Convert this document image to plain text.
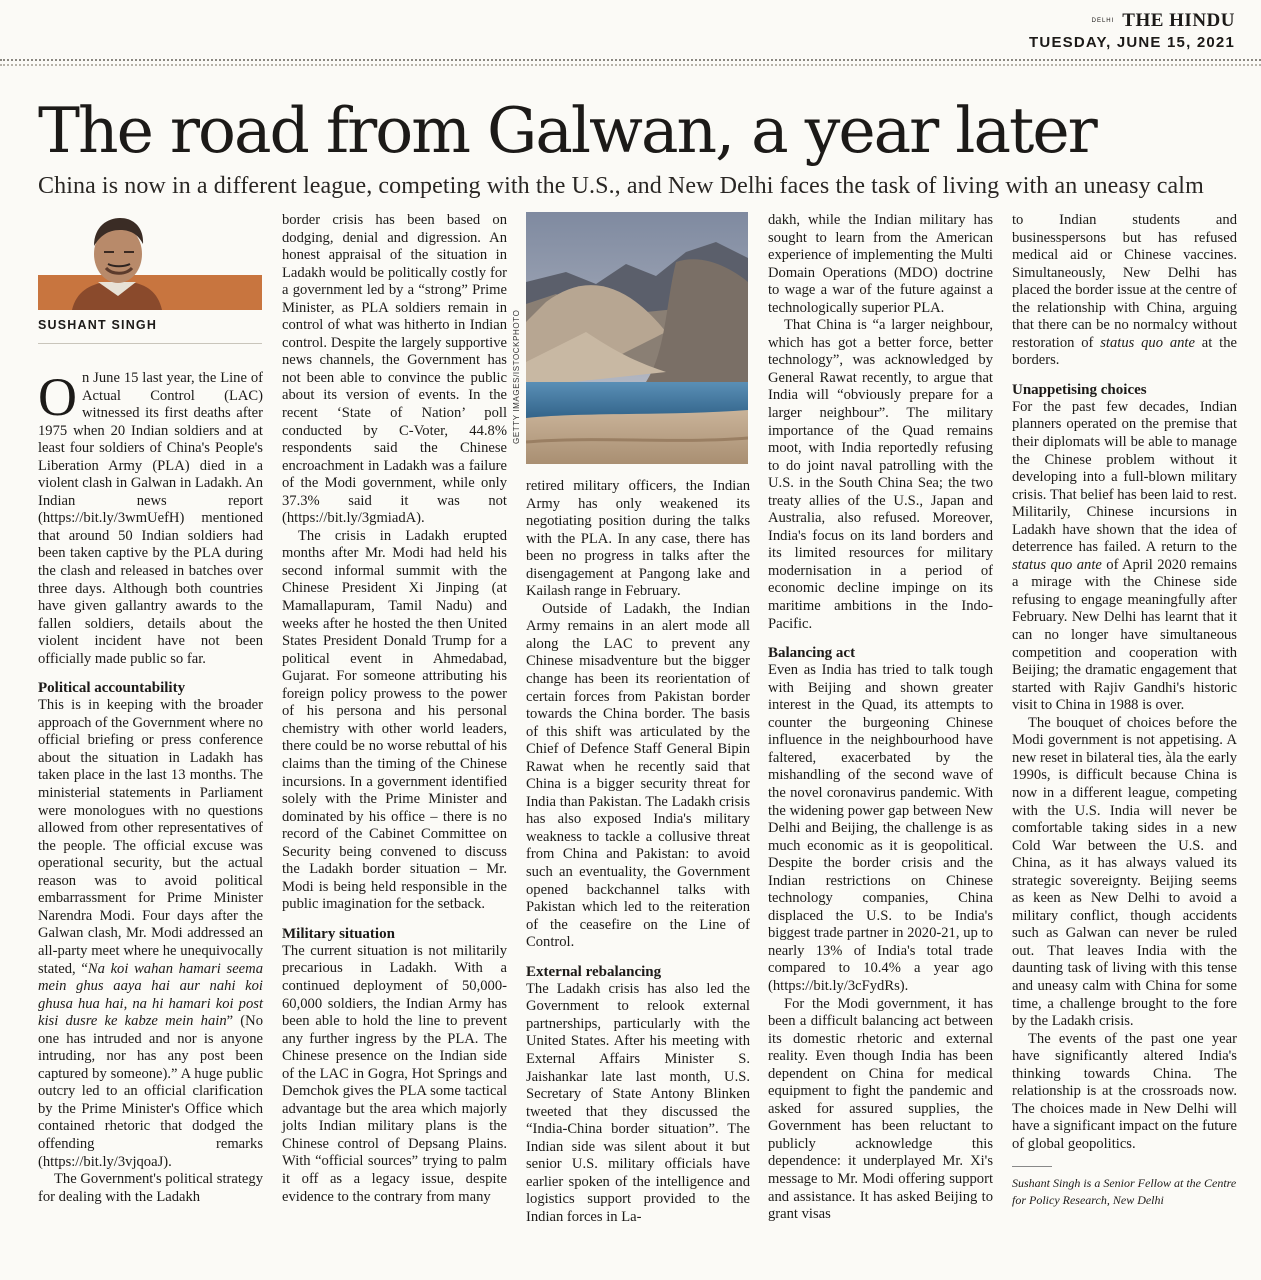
DELHI THE HINDU
TUESDAY, JUNE 15, 2021
The road from Galwan, a year later
China is now in a different league, competing with the U.S., and New Delhi faces the task of living with an uneasy calm
SUSHANT SINGH	GETTY IMAGES/ISTOCKPHOTO

On June 15 last year, the Line of Actual Control (LAC) witnessed its first deaths after 1975 when 20 Indian soldiers and at least four soldiers of China's People's Liberation Army (PLA) died in a violent clash in Galwan in Ladakh. An Indian news report (https://bit.ly/3wmUefH) mentioned that around 50 Indian soldiers had been taken captive by the PLA during the clash and released in batches over three days. Although both countries have given gallantry awards to the fallen soldiers, details about the violent incident have not been officially made public so far.

Political accountability

This is in keeping with the broader approach of the Government where no official briefing or press conference about the situation in Ladakh has taken place in the last 13 months. The ministerial statements in Parliament were monologues with no questions allowed from other representatives of the people. The official excuse was operational security, but the actual reason was to avoid political embarrassment for Prime Minister Narendra Modi. Four days after the Galwan clash, Mr. Modi addressed an all-party meet where he unequivocally stated, “Na koi wahan hamari seema mein ghus aaya hai aur nahi koi ghusa hua hai, na hi hamari koi post kisi dusre ke kabze mein hain” (No one has intruded and nor is anyone intruding, nor has any post been captured by someone).” A huge public outcry led to an official clarification by the Prime Minister's Office which contained rhetoric that dodged the offending remarks (https://bit.ly/3vjqoaJ).

The Government's political strategy for dealing with the Ladakh

border crisis has been based on dodging, denial and digression. An honest appraisal of the situation in Ladakh would be politically costly for a government led by a “strong” Prime Minister, as PLA soldiers remain in control of what was hitherto in Indian control. Despite the largely supportive news channels, the Government has not been able to convince the public about its version of events. In the recent ‘State of Nation’ poll conducted by C-Voter, 44.8% respondents said the Chinese encroachment in Ladakh was a failure of the Modi government, while only 37.3% said it was not (https://bit.ly/3gmiadA).

The crisis in Ladakh erupted months after Mr. Modi had held his second informal summit with the Chinese President Xi Jinping (at Mamallapuram, Tamil Nadu) and weeks after he hosted the then United States President Donald Trump for a political event in Ahmedabad, Gujarat. For someone attributing his foreign policy prowess to the power of his persona and his personal chemistry with other world leaders, there could be no worse rebuttal of his claims than the timing of the Chinese incursions. In a government identified solely with the Prime Minister and dominated by his office – there is no record of the Cabinet Committee on Security being convened to discuss the Ladakh border situation – Mr. Modi is being held responsible in the public imagination for the setback.

Military situation

The current situation is not militarily precarious in Ladakh. With a continued deployment of 50,000-60,000 soldiers, the Indian Army has been able to hold the line to prevent any further ingress by the PLA. The Chinese presence on the Indian side of the LAC in Gogra, Hot Springs and Demchok gives the PLA some tactical advantage but the area which majorly jolts Indian military plans is the Chinese control of Depsang Plains. With “official sources” trying to palm it off as a legacy issue, despite evidence to the contrary from many

retired military officers, the Indian Army has only weakened its negotiating position during the talks with the PLA. In any case, there has been no progress in talks after the disengagement at Pangong lake and Kailash range in February.

Outside of Ladakh, the Indian Army remains in an alert mode all along the LAC to prevent any Chinese misadventure but the bigger change has been its reorientation of certain forces from Pakistan border towards the China border. The basis of this shift was articulated by the Chief of Defence Staff General Bipin Rawat when he recently said that China is a bigger security threat for India than Pakistan. The Ladakh crisis has also exposed India's military weakness to tackle a collusive threat from China and Pakistan: to avoid such an eventuality, the Government opened backchannel talks with Pakistan which led to the reiteration of the ceasefire on the Line of Control.

External rebalancing

The Ladakh crisis has also led the Government to relook external partnerships, particularly with the United States. After his meeting with External Affairs Minister S. Jaishankar late last month, U.S. Secretary of State Antony Blinken tweeted that they discussed the “India-China border situation”. The Indian side was silent about it but senior U.S. military officials have earlier spoken of the intelligence and logistics support provided to the Indian forces in La-

dakh, while the Indian military has sought to learn from the American experience of implementing the Multi Domain Operations (MDO) doctrine to wage a war of the future against a technologically superior PLA.

That China is “a larger neighbour, which has got a better force, better technology”, was acknowledged by General Rawat recently, to argue that India will “obviously prepare for a larger neighbour”. The military importance of the Quad remains moot, with India reportedly refusing to do joint naval patrolling with the U.S. in the South China Sea; the two treaty allies of the U.S., Japan and Australia, also refused. Moreover, India's focus on its land borders and its limited resources for military modernisation in a period of economic decline impinge on its maritime ambitions in the Indo-Pacific.

Balancing act

Even as India has tried to talk tough with Beijing and shown greater interest in the Quad, its attempts to counter the burgeoning Chinese influence in the neighbourhood have faltered, exacerbated by the mishandling of the second wave of the novel coronavirus pandemic. With the widening power gap between New Delhi and Beijing, the challenge is as much economic as it is geopolitical. Despite the border crisis and the Indian restrictions on Chinese technology companies, China displaced the U.S. to be India's biggest trade partner in 2020-21, up to nearly 13% of India's total trade compared to 10.4% a year ago (https://bit.ly/3cFydRs).

For the Modi government, it has been a difficult balancing act between its domestic rhetoric and external reality. Even though India has been dependent on China for medical equipment to fight the pandemic and asked for assured supplies, the Government has been reluctant to publicly acknowledge this dependence: it underplayed Mr. Xi's message to Mr. Modi offering support and assistance. It has asked Beijing to grant visas

to Indian students and businesspersons but has refused medical aid or Chinese vaccines. Simultaneously, New Delhi has placed the border issue at the centre of the relationship with China, arguing that there can be no normalcy without restoration of status quo ante at the borders.

Unappetising choices

For the past few decades, Indian planners operated on the premise that their diplomats will be able to manage the Chinese problem without it developing into a full-blown military crisis. That belief has been laid to rest. Militarily, Chinese incursions in Ladakh have shown that the idea of deterrence has failed. A return to the status quo ante of April 2020 remains a mirage with the Chinese side refusing to engage meaningfully after February. New Delhi has learnt that it can no longer have simultaneous competition and cooperation with Beijing; the dramatic engagement that started with Rajiv Gandhi's historic visit to China in 1988 is over.

The bouquet of choices before the Modi government is not appetising. A new reset in bilateral ties, àla the early 1990s, is difficult because China is now in a different league, competing with the U.S. India will never be comfortable taking sides in a new Cold War between the U.S. and China, as it has always valued its strategic sovereignty. Beijing seems as keen as New Delhi to avoid a military conflict, though accidents such as Galwan can never be ruled out. That leaves India with the daunting task of living with this tense and uneasy calm with China for some time, a challenge brought to the fore by the Ladakh crisis.

The events of the past one year have significantly altered India's thinking towards China. The relationship is at the crossroads now. The choices made in New Delhi will have a significant impact on the future of global geopolitics.

Sushant Singh is a Senior Fellow at the Centre for Policy Research, New Delhi
